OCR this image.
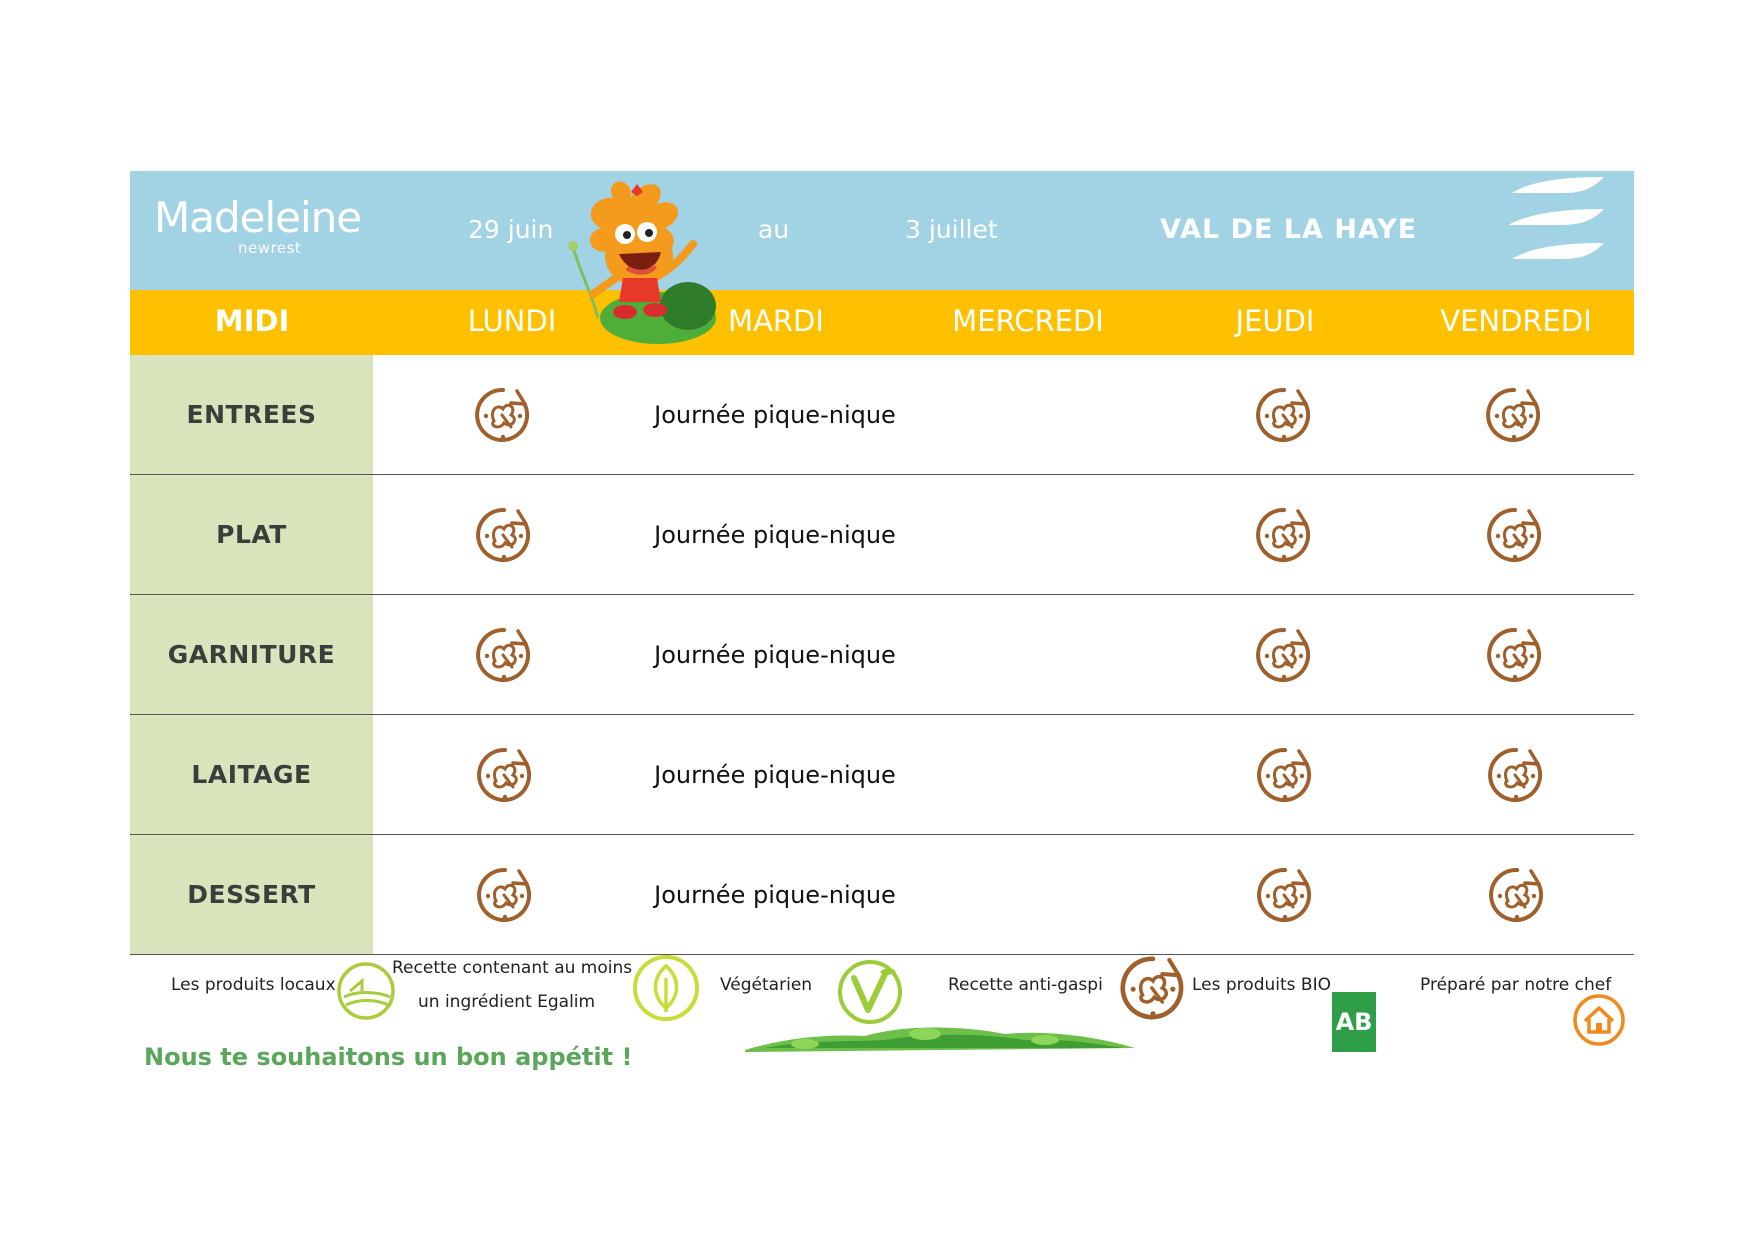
Madeleine
newrest
29 juin	au	3 juillet	VAL DE LA HAYE
MIDI	LUNDI	MARDI	MERCREDI	JEUDI	VENDREDI
ENTREES	Journée pique-nique
PLAT	Journée pique-nique
GARNITURE	Journée pique-nique
LAITAGE	Journée pique-nique
DESSERT	Journée pique-nique
Les produits locaux
Recette contenant au moins
un ingrédient Egalim
Végétarien	Recette anti-gaspi	Les produits BIO
AB
Préparé par notre chef
Nous te souhaitons un bon appétit !
